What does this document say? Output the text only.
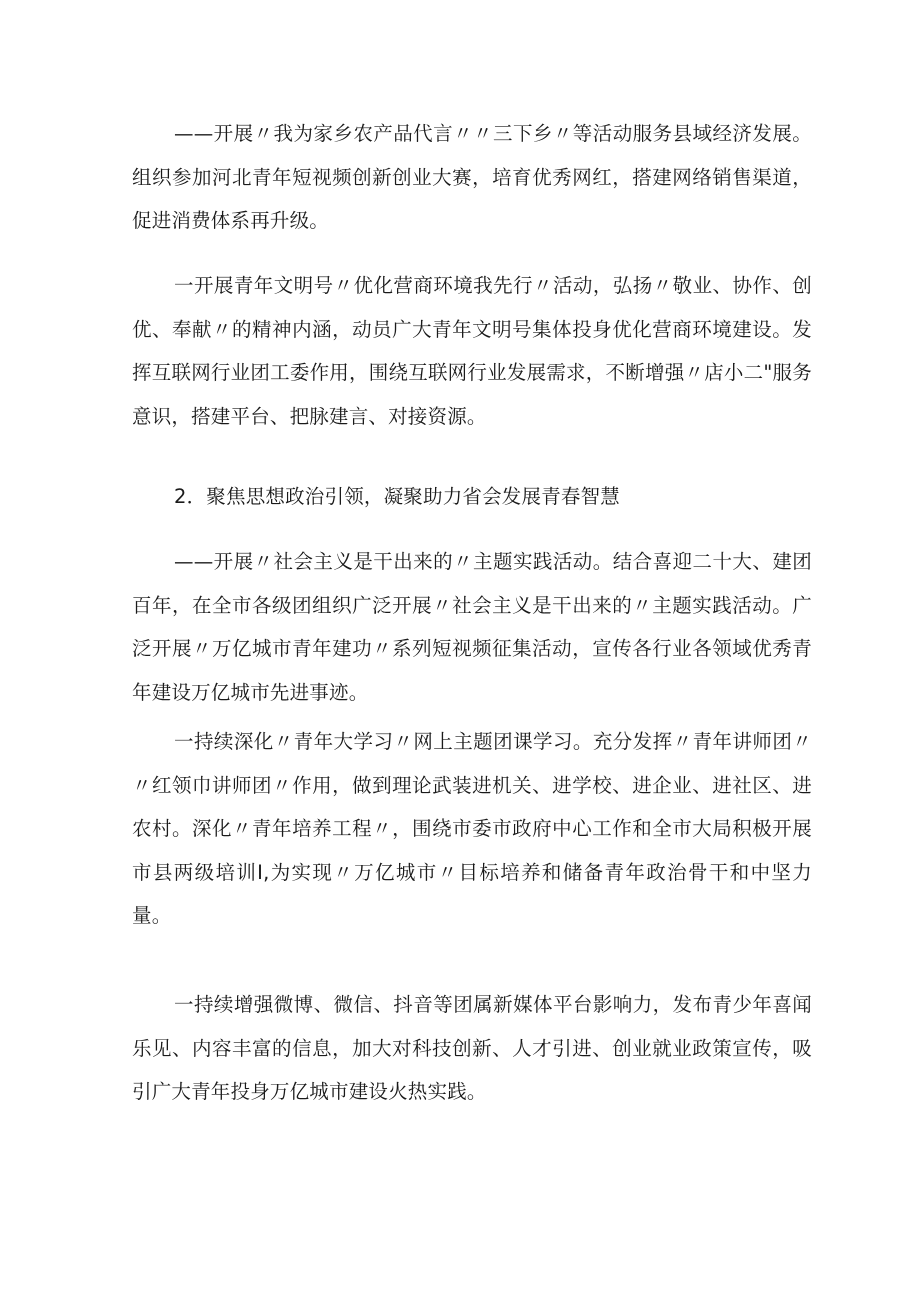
——开展〃我为家乡农产品代言〃〃三下乡〃等活动服务县域经济发展。组织参加河北青年短视频创新创业大赛，培育优秀网红，搭建网络销售渠道，促进消费体系再升级。

一开展青年文明号〃优化营商环境我先行〃活动，弘扬〃敬业、协作、创优、奉献〃的精神内涵，动员广大青年文明号集体投身优化营商环境建设。发挥互联网行业团工委作用，围绕互联网行业发展需求，不断增强〃店小二"服务意识，搭建平台、把脉建言、对接资源。

2．聚焦思想政治引领，凝聚助力省会发展青春智慧

——开展〃社会主义是干出来的〃主题实践活动。结合喜迎二十大、建团百年，在全市各级团组织广泛开展〃社会主义是干出来的〃主题实践活动。广泛开展〃万亿城市青年建功〃系列短视频征集活动，宣传各行业各领域优秀青年建设万亿城市先进事迹。

一持续深化〃青年大学习〃网上主题团课学习。充分发挥〃青年讲师团〃〃红领巾讲师团〃作用，做到理论武装进机关、进学校、进企业、进社区、进农村。深化〃青年培养工程〃，围绕市委市政府中心工作和全市大局积极开展市县两级培训I,为实现〃万亿城市〃目标培养和储备青年政治骨干和中坚力量。

一持续增强微博、微信、抖音等团属新媒体平台影响力，发布青少年喜闻乐见、内容丰富的信息，加大对科技创新、人才引进、创业就业政策宣传，吸引广大青年投身万亿城市建设火热实践。
